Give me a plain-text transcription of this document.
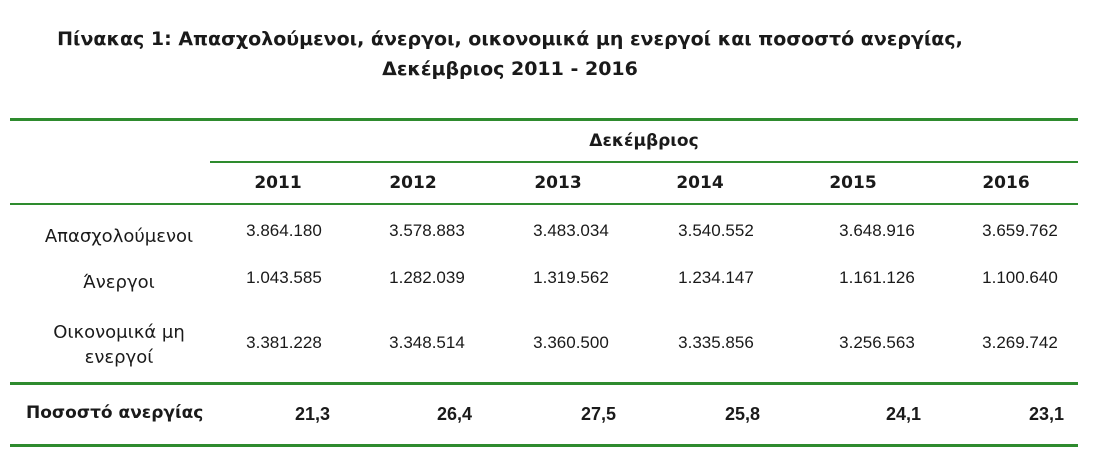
Πίνακας 1: Απασχολούμενοι, άνεργοι, οικονομικά μη ενεργοί και ποσοστό ανεργίας,
Δεκέμβριος 2011 - 2016
Δεκέμβριος
2011	2012	2013	2014	2015	2016
Απασχολούμενοι	3.864.180	3.578.883	3.483.034	3.540.552	3.648.916	3.659.762
Άνεργοι	1.043.585	1.282.039	1.319.562	1.234.147	1.161.126	1.100.640
Οικονομικά μη
ενεργοί
3.381.228	3.348.514	3.360.500	3.335.856	3.256.563	3.269.742
Ποσοστό ανεργίας	21,3	26,4	27,5	25,8	24,1	23,1
